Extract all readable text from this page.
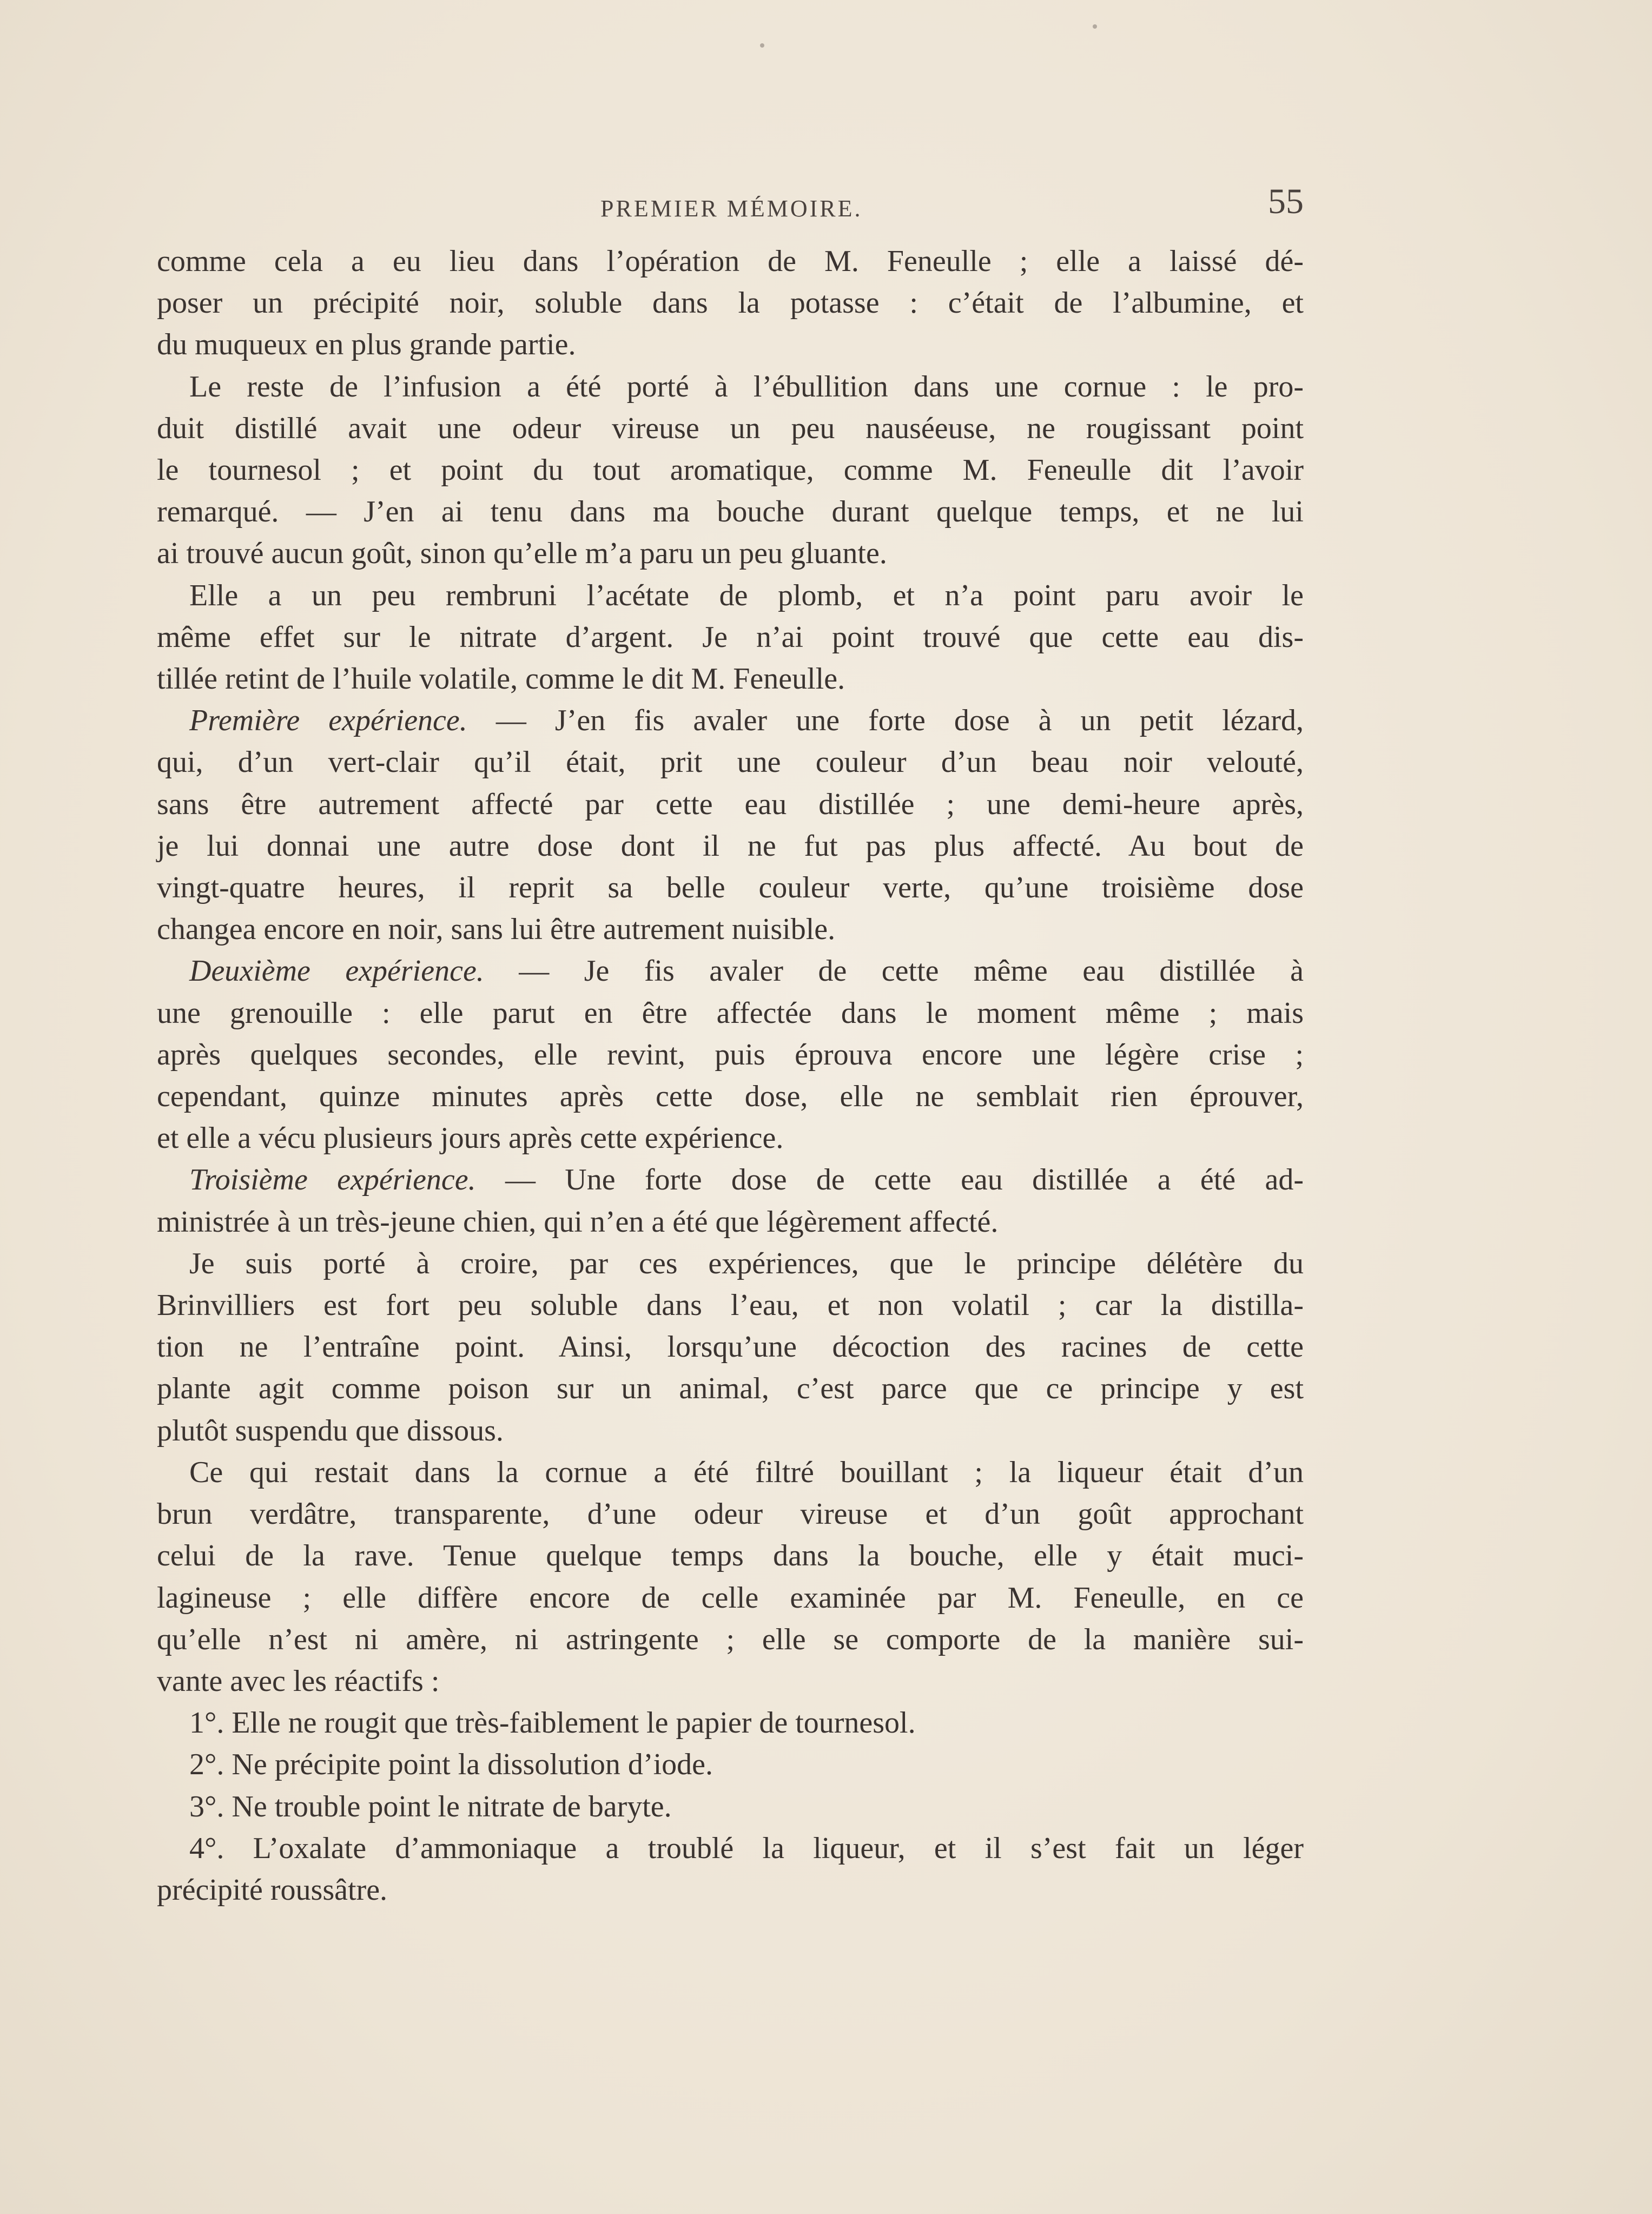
PREMIER MÉMOIRE.	55
comme cela a eu lieu dans l’opération de M. Feneulle ; elle a laissé dé-
poser un précipité noir, soluble dans la potasse : c’était de l’albumine, et
du muqueux en plus grande partie.
Le reste de l’infusion a été porté à l’ébullition dans une cornue : le pro-
duit distillé avait une odeur vireuse un peu nauséeuse, ne rougissant point
le tournesol ; et point du tout aromatique, comme M. Feneulle dit l’avoir
remarqué. — J’en ai tenu dans ma bouche durant quelque temps, et ne lui
ai trouvé aucun goût, sinon qu’elle m’a paru un peu gluante.
Elle a un peu rembruni l’acétate de plomb, et n’a point paru avoir le
même effet sur le nitrate d’argent. Je n’ai point trouvé que cette eau dis-
tillée retint de l’huile volatile, comme le dit M. Feneulle.
Première expérience. — J’en fis avaler une forte dose à un petit lézard,
qui, d’un vert-clair qu’il était, prit une couleur d’un beau noir velouté,
sans être autrement affecté par cette eau distillée ; une demi-heure après,
je lui donnai une autre dose dont il ne fut pas plus affecté. Au bout de
vingt-quatre heures, il reprit sa belle couleur verte, qu’une troisième dose
changea encore en noir, sans lui être autrement nuisible.
Deuxième expérience. — Je fis avaler de cette même eau distillée à
une grenouille : elle parut en être affectée dans le moment même ; mais
après quelques secondes, elle revint, puis éprouva encore une légère crise ;
cependant, quinze minutes après cette dose, elle ne semblait rien éprouver,
et elle a vécu plusieurs jours après cette expérience.
Troisième expérience. — Une forte dose de cette eau distillée a été ad-
ministrée à un très-jeune chien, qui n’en a été que légèrement affecté.
Je suis porté à croire, par ces expériences, que le principe délétère du
Brinvilliers est fort peu soluble dans l’eau, et non volatil ; car la distilla-
tion ne l’entraîne point. Ainsi, lorsqu’une décoction des racines de cette
plante agit comme poison sur un animal, c’est parce que ce principe y est
plutôt suspendu que dissous.
Ce qui restait dans la cornue a été filtré bouillant ; la liqueur était d’un
brun verdâtre, transparente, d’une odeur vireuse et d’un goût approchant
celui de la rave. Tenue quelque temps dans la bouche, elle y était muci-
lagineuse ; elle diffère encore de celle examinée par M. Feneulle, en ce
qu’elle n’est ni amère, ni astringente ; elle se comporte de la manière sui-
vante avec les réactifs :
1°. Elle ne rougit que très-faiblement le papier de tournesol.
2°. Ne précipite point la dissolution d’iode.
3°. Ne trouble point le nitrate de baryte.
4°. L’oxalate d’ammoniaque a troublé la liqueur, et il s’est fait un léger
précipité roussâtre.
